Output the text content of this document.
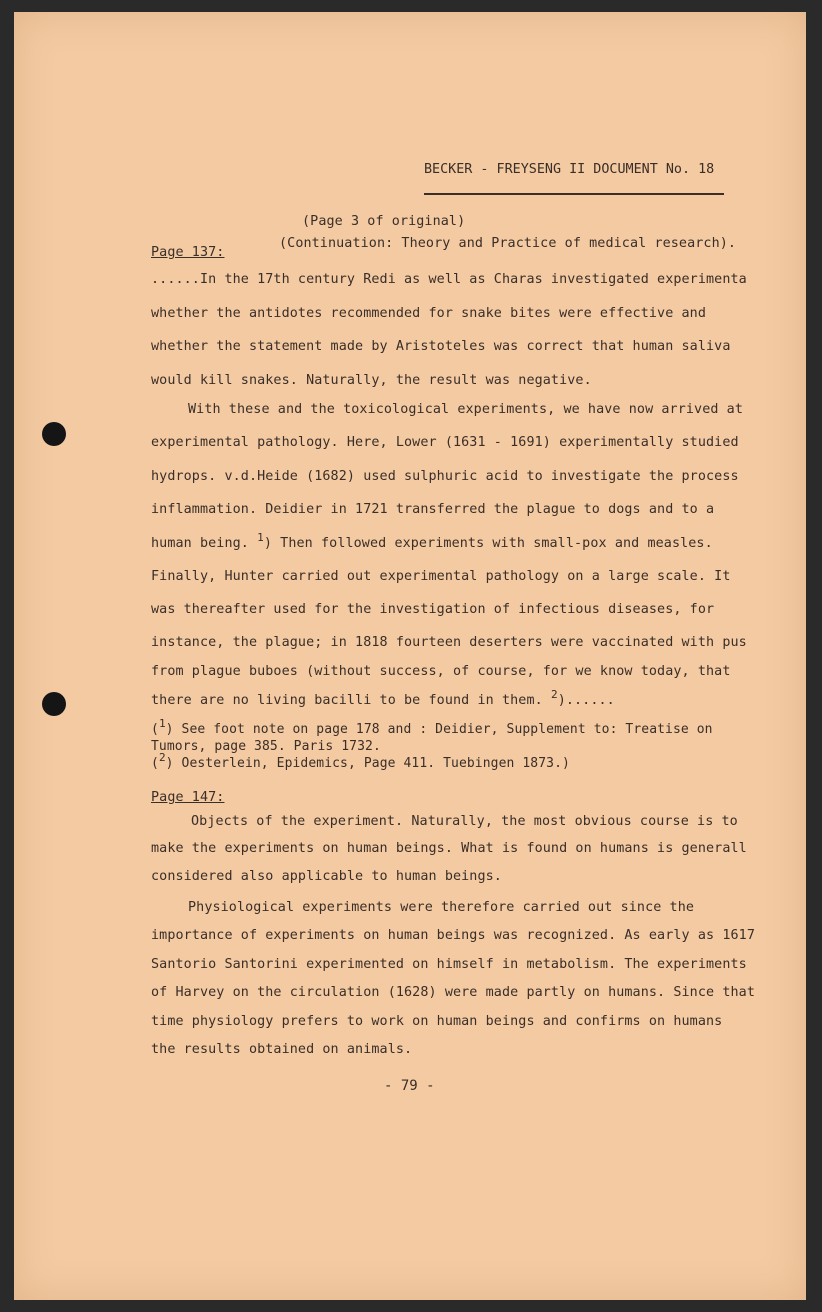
BECKER - FREYSENG II DOCUMENT No. 18
(Page 3 of original)
Page 137:
(Continuation: Theory and Practice of medical research).
......In the 17th century Redi as well as Charas investigated experimenta
whether the antidotes recommended for snake bites were effective and
whether the statement made by Aristoteles was correct that human saliva
would kill snakes. Naturally, the result was negative.
With these and the toxicological experiments, we have now arrived at
experimental pathology. Here, Lower (1631 - 1691) experimentally studied
hydrops. v.d.Heide (1682) used sulphuric acid to investigate the process
inflammation. Deidier in 1721 transferred the plague to dogs and to a
human being. $^1$) Then followed experiments with small-pox and measles.
Finally, Hunter carried out experimental pathology on a large scale. It
was thereafter used for the investigation of infectious diseases, for
instance, the plague; in 1818 fourteen deserters were vaccinated with pus
from plague buboes (without success, of course, for we know today, that
there are no living bacilli to be found in them. $^2$)......
($^1$) See foot note on page 178 and : Deidier, Supplement to: Treatise on
Tumors, page 385. Paris 1732.
($^2$) Oesterlein, Epidemics, Page 411. Tuebingen 1873.)
Page 147:
Objects of the experiment. Naturally, the most obvious course is to
make the experiments on human beings. What is found on humans is generall
considered also applicable to human beings.
Physiological experiments were therefore carried out since the
importance of experiments on human beings was recognized. As early as 1617
Santorio Santorini experimented on himself in metabolism. The experiments
of Harvey on the circulation (1628) were made partly on humans. Since that
time physiology prefers to work on human beings and confirms on humans
the results obtained on animals.
- 79 -
